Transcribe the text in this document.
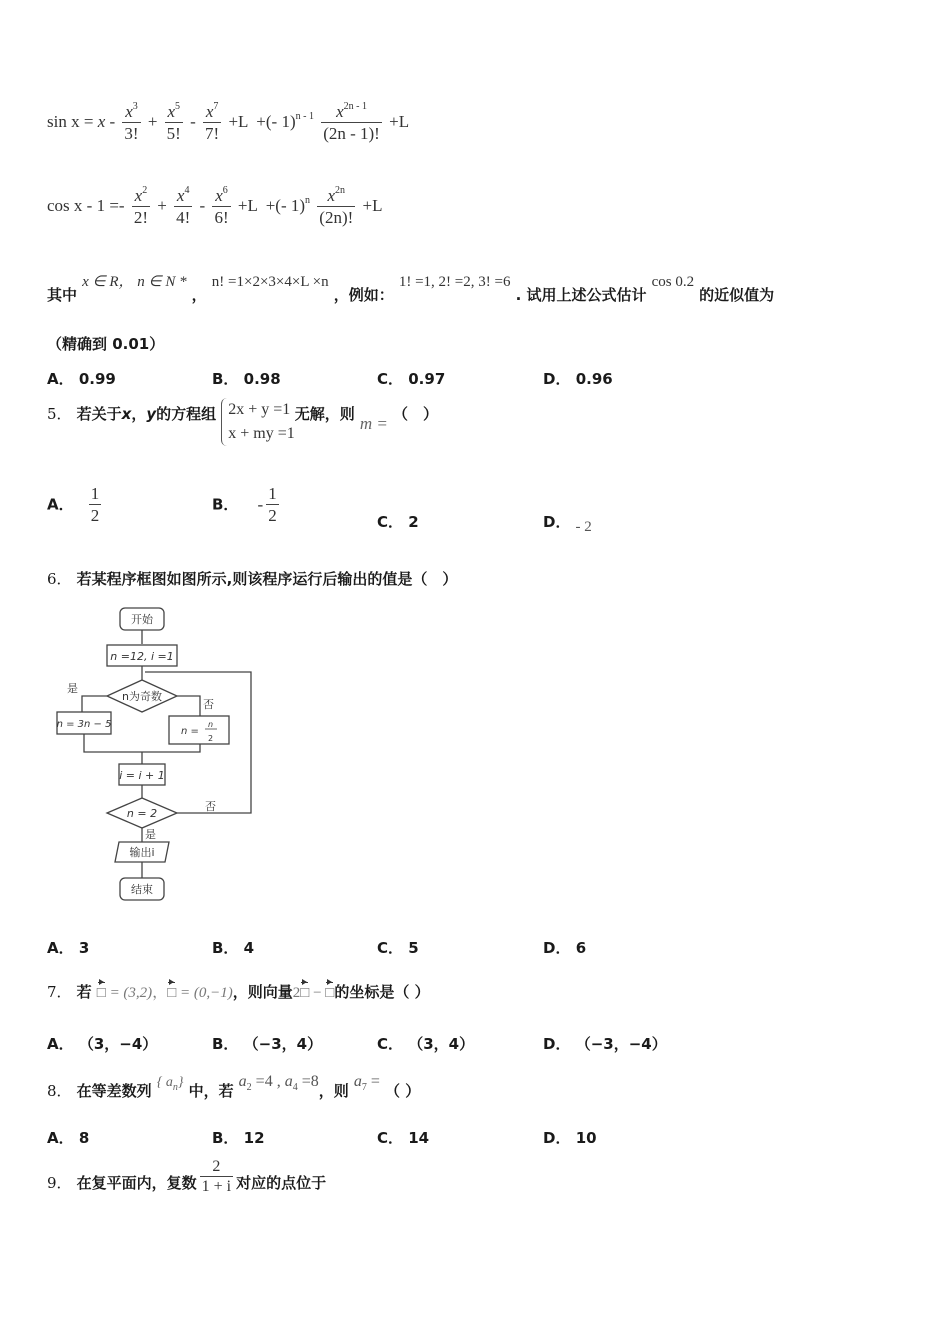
$\sin x = x - \frac{x^3}{3!} + \frac{x^5}{5!} - \frac{x^7}{7!} +L$ +(- $1)^{n - 1} \frac{x^{2n - 1}}{(2n - 1)!} +L$
$\cos x - 1 =- \frac{x^2}{2!} + \frac{x^4}{4!} - \frac{x^6}{6!} +L$ +(- $1)^n \frac{x^{2n}}{(2n)!} +L$
其中 x ∈ R， n ∈ N * ， n! =1×2×3×4×L ×n ，例如： 1! =1, 2! =2, 3! =6 . 试用上述公式估计 cos 0.2 的近似值为
（精确到 0.01）
A． 0.99	B． 0.98	C． 0.97	D． 0.96
5． 若关于x，y的方程组 2x + y =1
x + my =1
无解，则 m = （　）
A． $\frac{1}{2}$	B． - $\frac{1}{2}$	C． 2	D． - 2
6． 若某程序框图如图所示,则该程序运行后输出的值是（　）
开始
n =12, i =1
n为奇数
是
否
n = 3n − 5
n =
n
2
i = i + 1
n = 2
否
是
输出i
结束
A． 3	B． 4	C． 5	D． 6
7． 若 □ = (3,2)，□ = (0,−1)，则向量2□ − □的坐标是（ ）
A． （3，−4）	B． （−3，4）	C． （3，4）	D． （−3，−4）
8． 在等差数列 { $a_n$} 中，若 $a_2 =4$ , $a_4 =8$，则 $a_7$ = （ ）
A． 8	B． 12	C． 14	D． 10
9． 在复平面内，复数 $\frac{2}{1 + i}$ 对应的点位于
